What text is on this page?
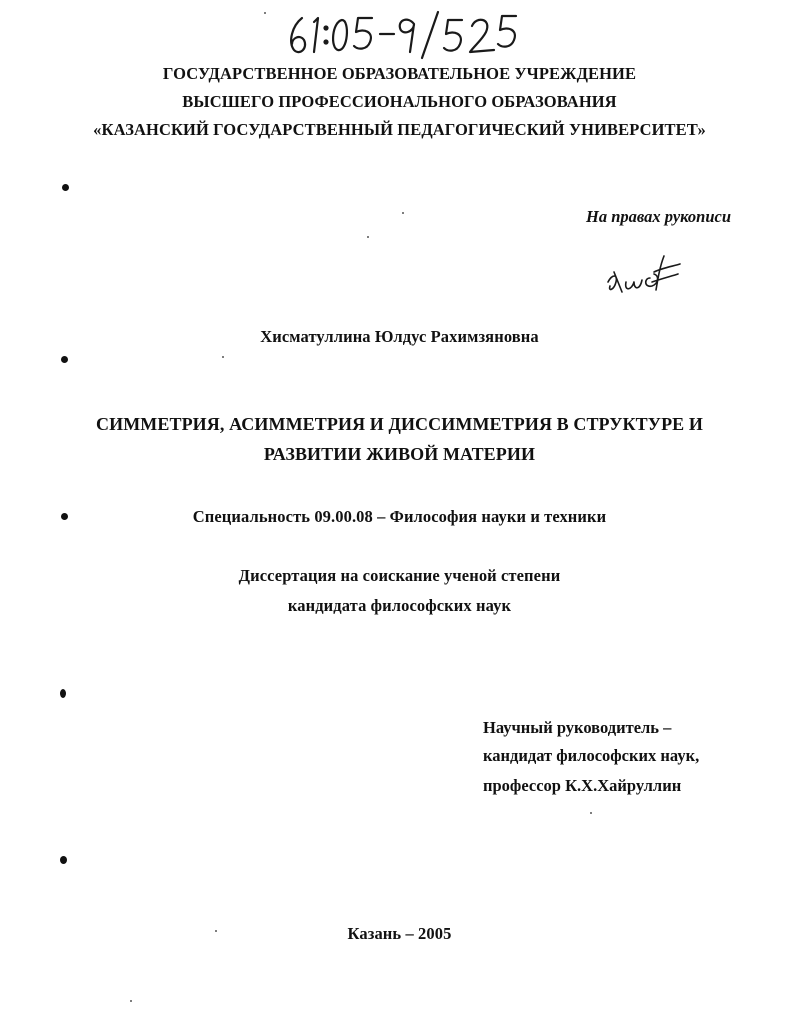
ГОСУДАРСТВЕННОЕ ОБРАЗОВАТЕЛЬНОЕ УЧРЕЖДЕНИЕ
ВЫСШЕГО ПРОФЕССИОНАЛЬНОГО ОБРАЗОВАНИЯ
«КАЗАНСКИЙ ГОСУДАРСТВЕННЫЙ ПЕДАГОГИЧЕСКИЙ УНИВЕРСИТЕТ»
На правах рукописи
Хисматуллина Юлдус Рахимзяновна
СИММЕТРИЯ, АСИММЕТРИЯ И ДИССИММЕТРИЯ В СТРУКТУРЕ И
РАЗВИТИИ ЖИВОЙ МАТЕРИИ
Специальность 09.00.08 – Философия науки и техники
Диссертация на соискание ученой степени
кандидата философских наук
Научный руководитель –
кандидат философских наук,
профессор К.Х.Хайруллин
Казань – 2005
